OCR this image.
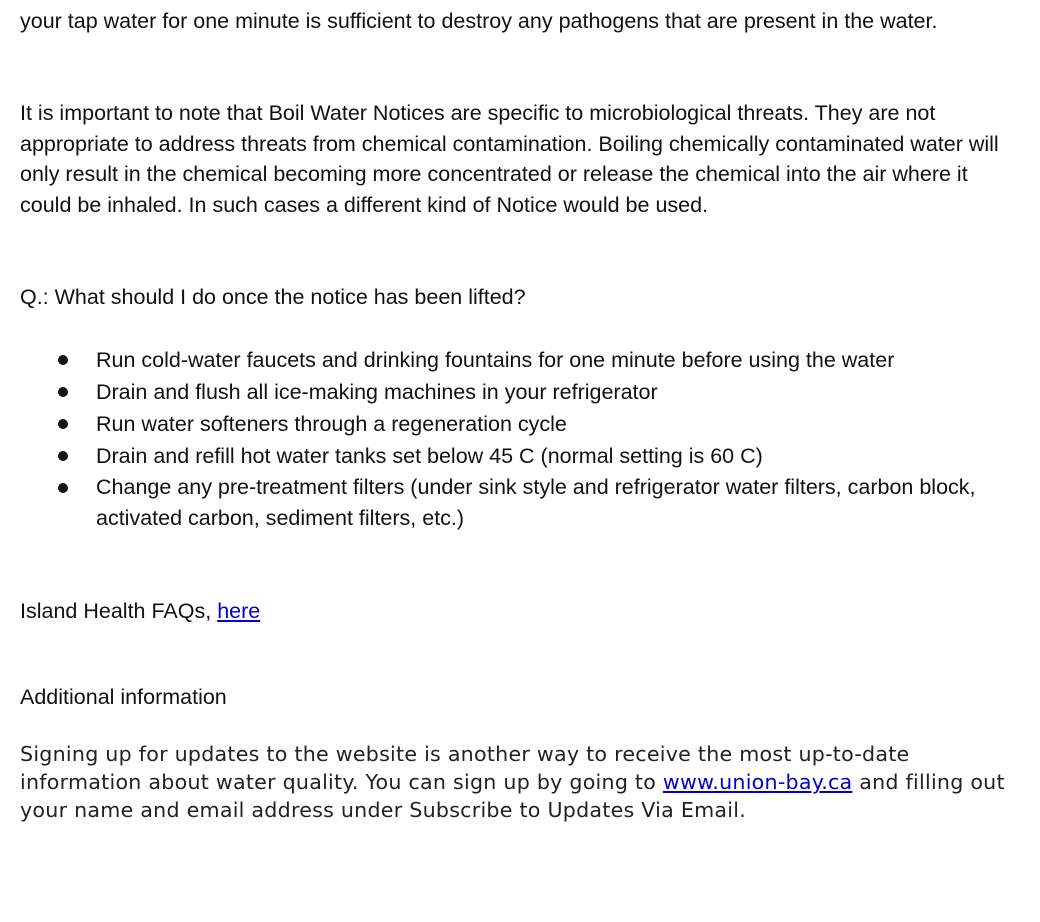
your tap water for one minute is sufficient to destroy any pathogens that are present in the water.

It is important to note that Boil Water Notices are specific to microbiological threats. They are not appropriate to address threats from chemical contamination. Boiling chemically contaminated water will only result in the chemical becoming more concentrated or release the chemical into the air where it could be inhaled. In such cases a different kind of Notice would be used.

Q.: What should I do once the notice has been lifted?

Run cold-water faucets and drinking fountains for one minute before using the water
Drain and flush all ice-making machines in your refrigerator
Run water softeners through a regeneration cycle
Drain and refill hot water tanks set below 45 C (normal setting is 60 C)
Change any pre-treatment filters (under sink style and refrigerator water filters, carbon block, activated carbon, sediment filters, etc.)

Island Health FAQs, here

Additional information

Signing up for updates to the website is another way to receive the most up-to-date information about water quality. You can sign up by going to www.union-bay.ca and filling out your name and email address under Subscribe to Updates Via Email.
